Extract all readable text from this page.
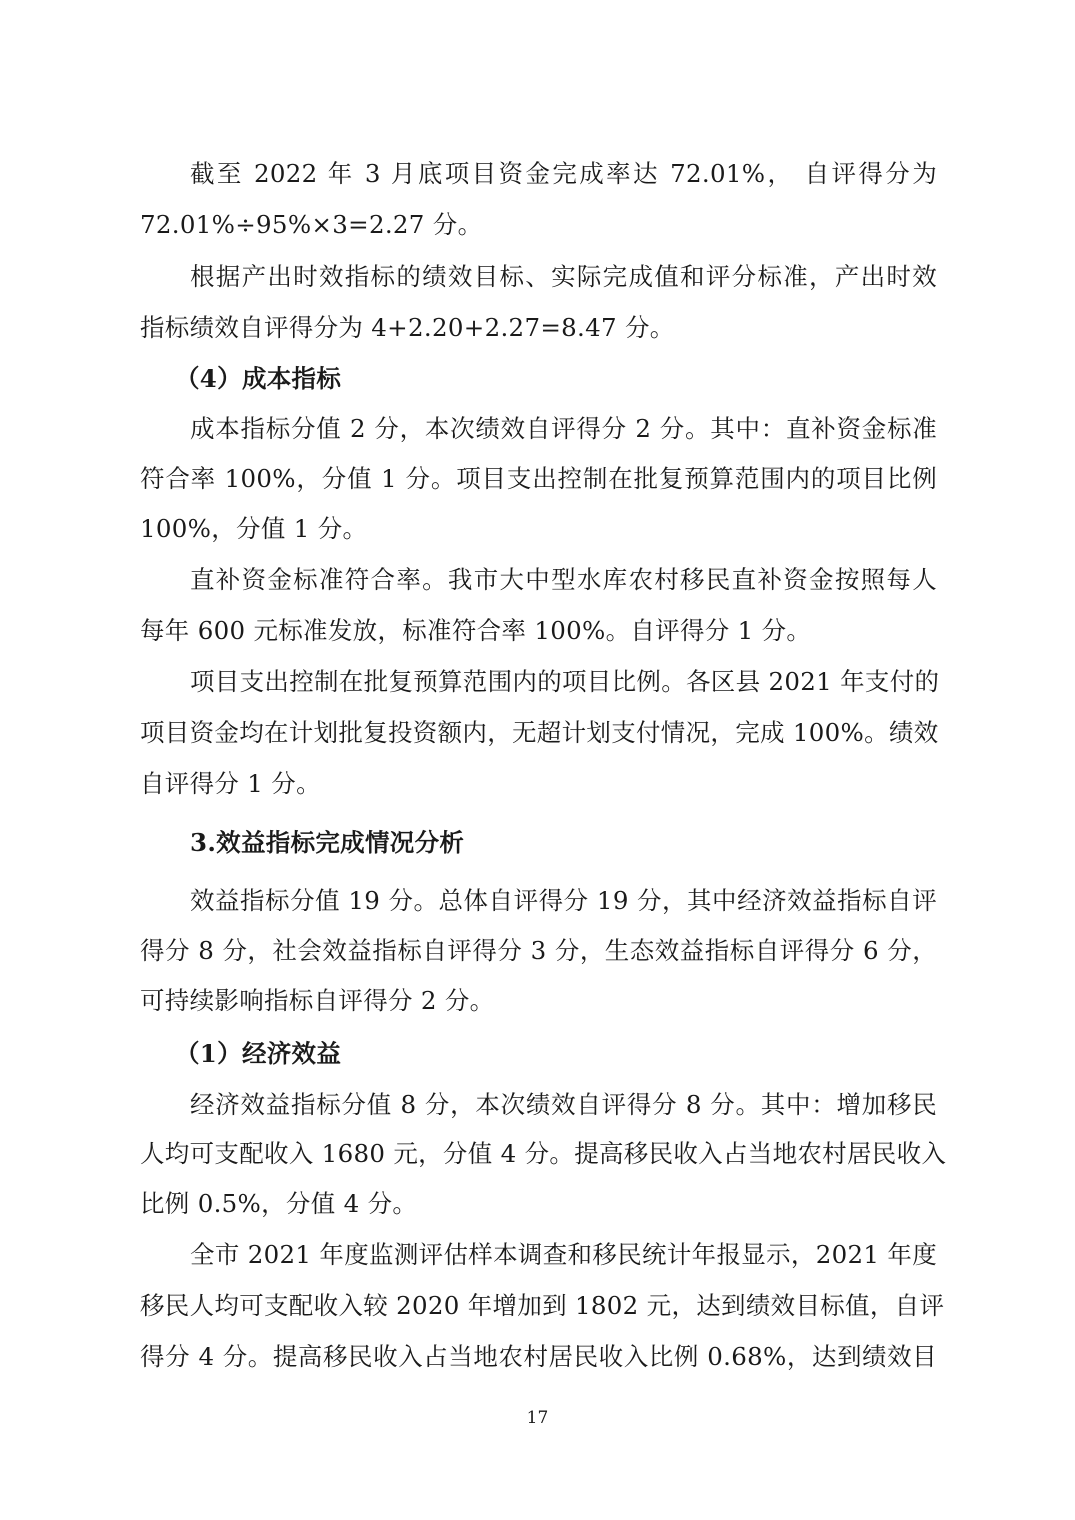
截至 2022 年 3 月底项目资金完成率达 72.01%， 自评得分为
72.01%÷95%×3=2.27 分。
根据产出时效指标的绩效目标、实际完成值和评分标准，产出时效
指标绩效自评得分为 4+2.20+2.27=8.47 分。
（4）成本指标
成本指标分值 2 分，本次绩效自评得分 2 分。其中：直补资金标准
符合率 100%，分值 1 分。项目支出控制在批复预算范围内的项目比例
100%，分值 1 分。
直补资金标准符合率。我市大中型水库农村移民直补资金按照每人
每年 600 元标准发放，标准符合率 100%。自评得分 1 分。
项目支出控制在批复预算范围内的项目比例。各区县 2021 年支付的
项目资金均在计划批复投资额内，无超计划支付情况，完成 100%。绩效
自评得分 1 分。
3.效益指标完成情况分析
效益指标分值 19 分。总体自评得分 19 分，其中经济效益指标自评
得分 8 分，社会效益指标自评得分 3 分，生态效益指标自评得分 6 分，
可持续影响指标自评得分 2 分。
（1）经济效益
经济效益指标分值 8 分，本次绩效自评得分 8 分。其中：增加移民
人均可支配收入 1680 元，分值 4 分。提高移民收入占当地农村居民收入
比例 0.5%，分值 4 分。
全市 2021 年度监测评估样本调查和移民统计年报显示，2021 年度
移民人均可支配收入较 2020 年增加到 1802 元，达到绩效目标值，自评
得分 4 分。提高移民收入占当地农村居民收入比例 0.68%，达到绩效目
17
